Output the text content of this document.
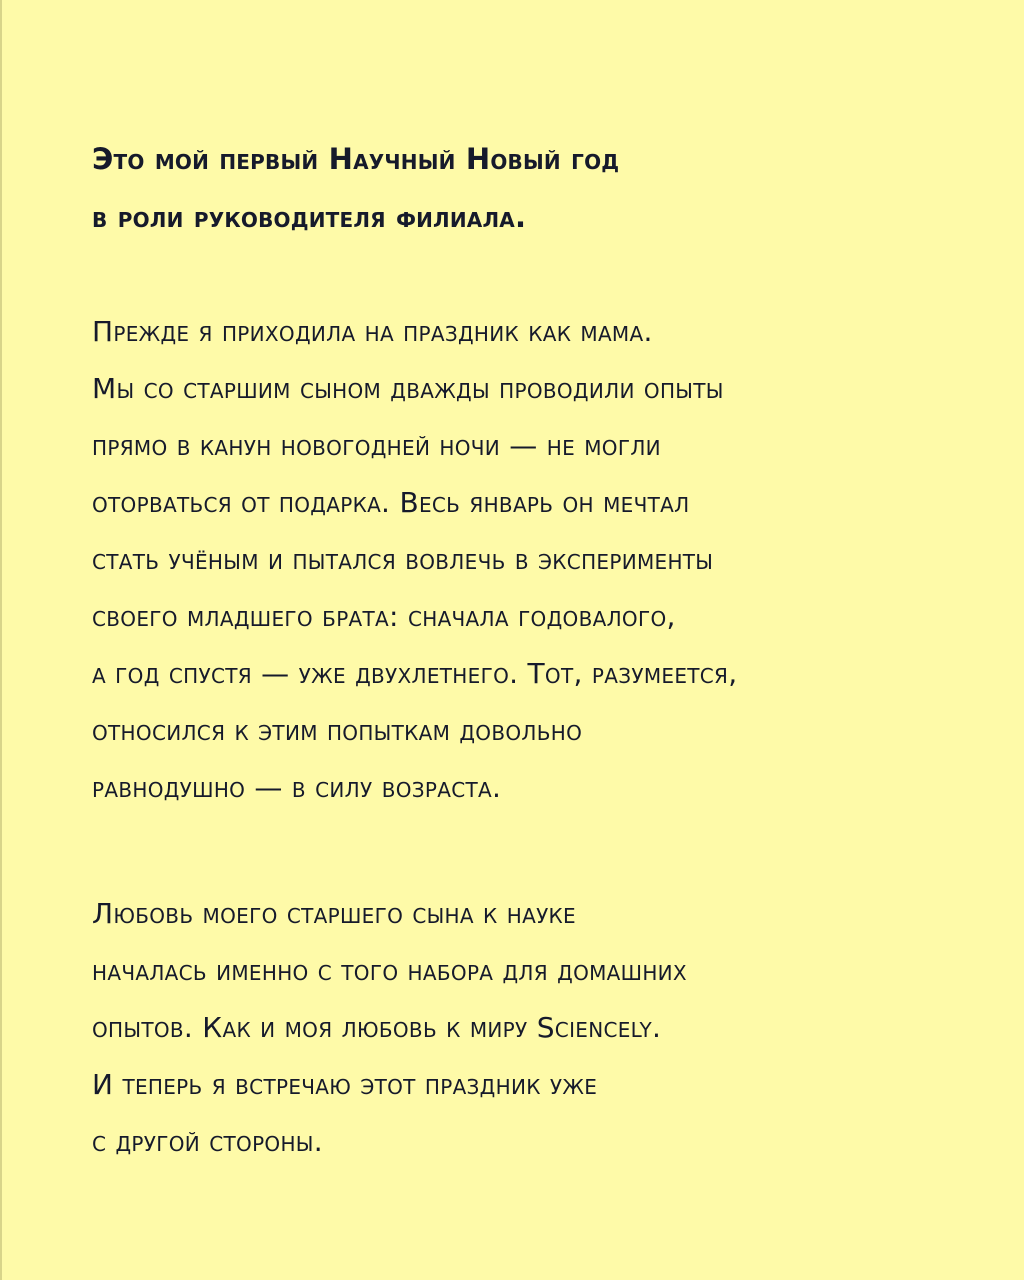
Это мой первый Научный Новый год
в роли руководителя филиала.

Прежде я приходила на праздник как мама.
Мы со старшим сыном дважды проводили опыты
прямо в канун новогодней ночи — не могли
оторваться от подарка. Весь январь он мечтал
стать учёным и пытался вовлечь в эксперименты
своего младшего брата: сначала годовалого,
а год спустя — уже двухлетнего. Тот, разумеется,
относился к этим попыткам довольно
равнодушно — в силу возраста.

Любовь моего старшего сына к науке
началась именно с того набора для домашних
опытов. Как и моя любовь к миру Sciencely.
И теперь я встречаю этот праздник уже
с другой стороны.
